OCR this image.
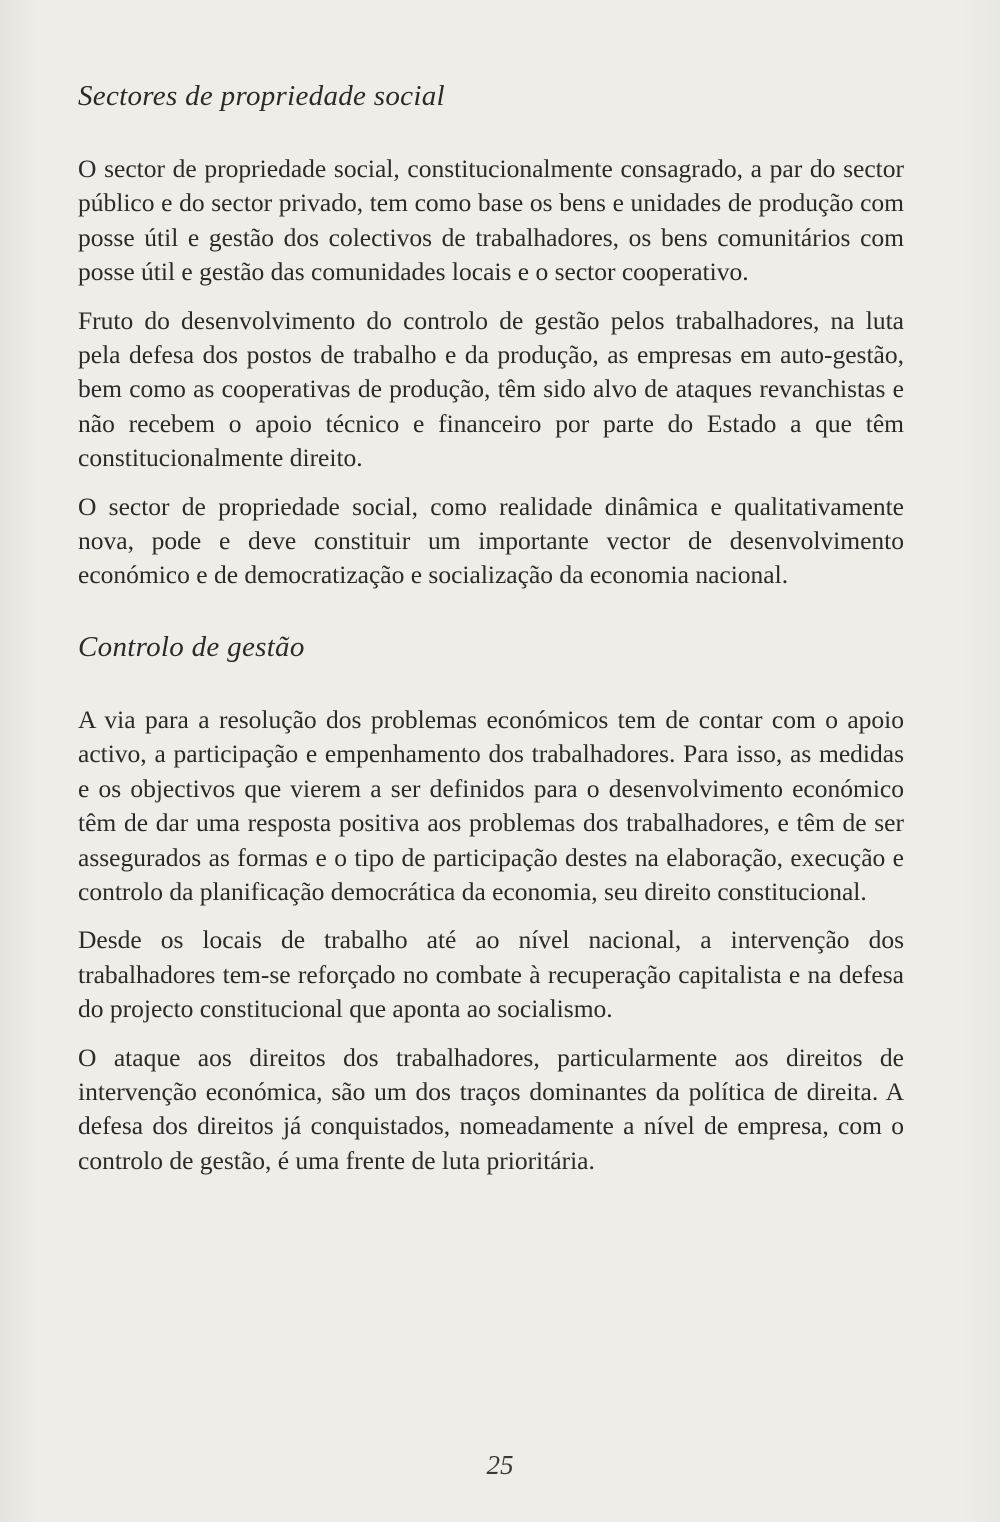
Sectores de propriedade social

O sector de propriedade social, constitucionalmente consagrado, a par do sector público e do sector privado, tem como base os bens e unidades de produção com posse útil e gestão dos colectivos de trabalhadores, os bens comunitários com posse útil e gestão das comunidades locais e o sector cooperativo.

Fruto do desenvolvimento do controlo de gestão pelos trabalhadores, na luta pela defesa dos postos de trabalho e da produção, as empresas em auto-gestão, bem como as cooperativas de produção, têm sido alvo de ataques revanchistas e não recebem o apoio técnico e financeiro por parte do Estado a que têm constitucionalmente direito.

O sector de propriedade social, como realidade dinâmica e qualitativamente nova, pode e deve constituir um importante vector de desenvolvimento económico e de democratização e socialização da economia nacional.

Controlo de gestão

A via para a resolução dos problemas económicos tem de contar com o apoio activo, a participação e empenhamento dos trabalhadores. Para isso, as medidas e os objectivos que vierem a ser definidos para o desenvolvimento económico têm de dar uma resposta positiva aos problemas dos trabalhadores, e têm de ser assegurados as formas e o tipo de participação destes na elaboração, execução e controlo da planificação democrática da economia, seu direito constitucional.

Desde os locais de trabalho até ao nível nacional, a intervenção dos trabalhadores tem-se reforçado no combate à recuperação capitalista e na defesa do projecto constitucional que aponta ao socialismo.

O ataque aos direitos dos trabalhadores, particularmente aos direitos de intervenção económica, são um dos traços dominantes da política de direita. A defesa dos direitos já conquistados, nomeadamente a nível de empresa, com o controlo de gestão, é uma frente de luta prioritária.

25
